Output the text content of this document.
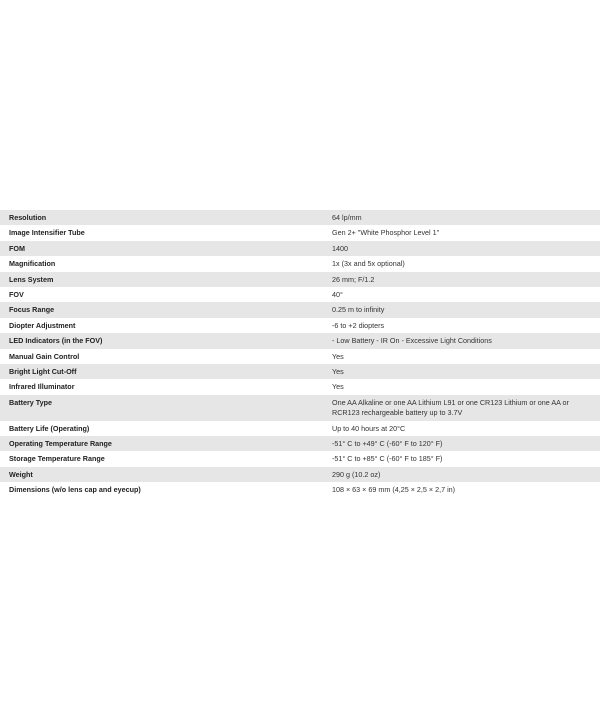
Resolution	64 lp/mm
Image Intensifier Tube	Gen 2+ "White Phosphor Level 1"
FOM	1400
Magnification	1x (3x and 5x optional)
Lens System	26 mm; F/1.2
FOV	40°
Focus Range	0.25 m to infinity
Diopter Adjustment	-6 to +2 diopters
LED Indicators (in the FOV)	- Low Battery - IR On - Excessive Light Conditions
Manual Gain Control	Yes
Bright Light Cut-Off	Yes
Infrared Illuminator	Yes
Battery Type	One AA Alkaline or one AA Lithium L91 or one CR123 Lithium or one AA or RCR123 rechargeable battery up to 3.7V
Battery Life (Operating)	Up to 40 hours at 20°C
Operating Temperature Range	-51° C to +49° C (-60° F to 120° F)
Storage Temperature Range	-51° C to +85° C (-60° F to 185° F)
Weight	290 g (10.2 oz)
Dimensions (w/o lens cap and eyecup)	108 × 63 × 69 mm (4,25 × 2,5 × 2,7 in)
